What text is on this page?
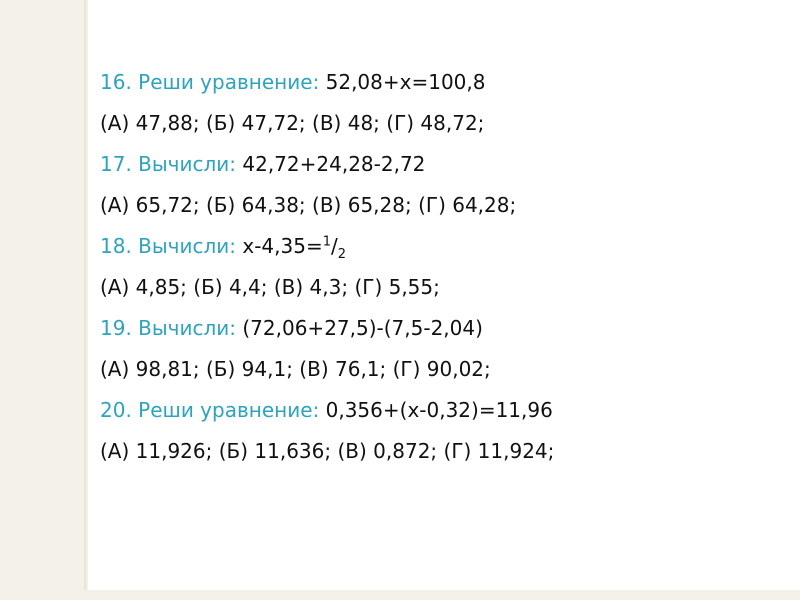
16. Реши уравнение: 52,08+x=100,8
(А) 47,88; (Б) 47,72; (В) 48; (Г) 48,72;
17. Вычисли: 42,72+24,28-2,72
(А) 65,72; (Б) 64,38; (В) 65,28; (Г) 64,28;
18. Вычисли: $x-4,35=^1/_2$
(А) 4,85; (Б) 4,4; (В) 4,3; (Г) 5,55;
19. Вычисли: (72,06+27,5)-(7,5-2,04)
(А) 98,81; (Б) 94,1; (В) 76,1; (Г) 90,02;
20. Реши уравнение: 0,356+(x-0,32)=11,96
(А) 11,926; (Б) 11,636; (В) 0,872; (Г) 11,924;
